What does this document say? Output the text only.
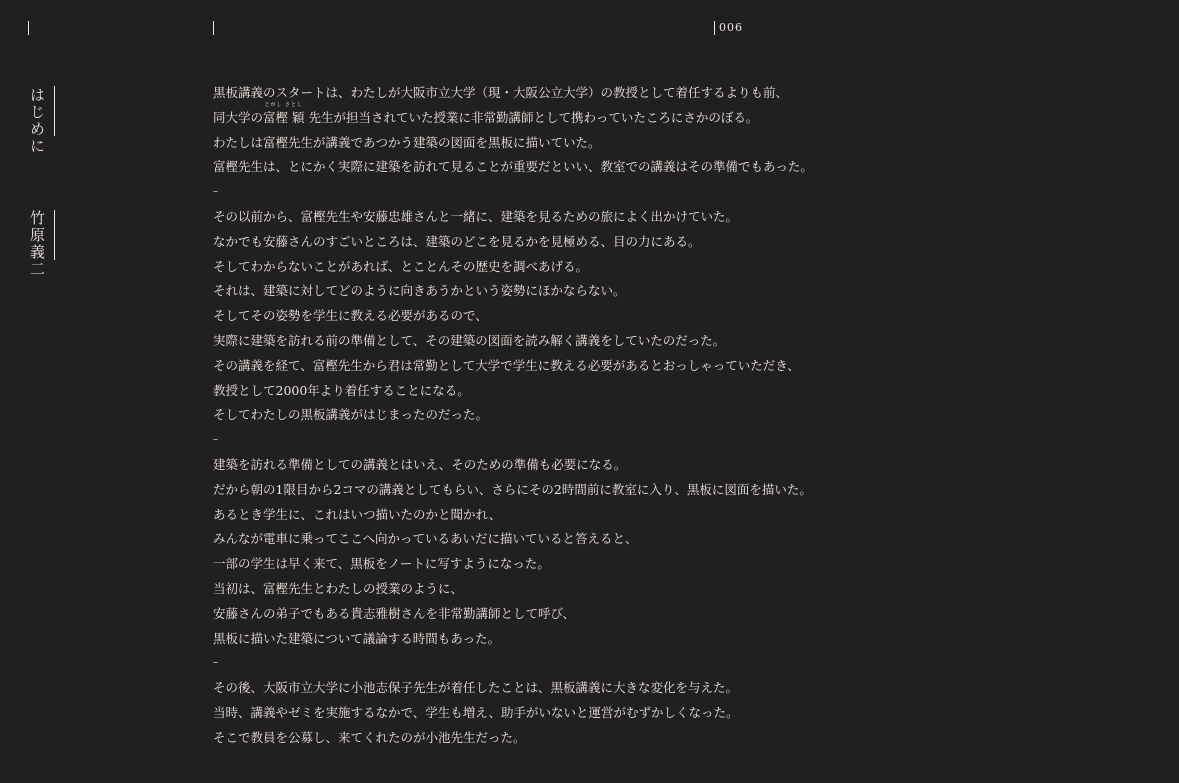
006
はじめに
竹原義二
黒板講義のスタートは、わたしが大阪市立大学（現・大阪公立大学）の教授として着任するよりも前、
同大学の
とがし さとし
富樫 穎 先生が担当されていた授業に非常勤講師として携わっていたころにさかのぼる。
わたしは富樫先生が講義であつかう建築の図面を黒板に描いていた。
富樫先生は、とにかく実際に建築を訪れて見ることが重要だといい、教室での講義はその準備でもあった。
–
その以前から、富樫先生や安藤忠雄さんと一緒に、建築を見るための旅によく出かけていた。
なかでも安藤さんのすごいところは、建築のどこを見るかを見極める、目の力にある。
そしてわからないことがあれば、とことんその歴史を調べあげる。
それは、建築に対してどのように向きあうかという姿勢にほかならない。
そしてその姿勢を学生に教える必要があるので、
実際に建築を訪れる前の準備として、その建築の図面を読み解く講義をしていたのだった。
その講義を経て、富樫先生から君は常勤として大学で学生に教える必要があるとおっしゃっていただき、
教授として2000年より着任することになる。
そしてわたしの黒板講義がはじまったのだった。
–
建築を訪れる準備としての講義とはいえ、そのための準備も必要になる。
だから朝の1限目から2コマの講義としてもらい、さらにその2時間前に教室に入り、黒板に図面を描いた。
あるとき学生に、これはいつ描いたのかと聞かれ、
みんなが電車に乗ってここへ向かっているあいだに描いていると答えると、
一部の学生は早く来て、黒板をノートに写すようになった。
当初は、富樫先生とわたしの授業のように、
安藤さんの弟子でもある貴志雅樹さんを非常勤講師として呼び、
黒板に描いた建築について議論する時間もあった。
–
その後、大阪市立大学に小池志保子先生が着任したことは、黒板講義に大きな変化を与えた。
当時、講義やゼミを実施するなかで、学生も増え、助手がいないと運営がむずかしくなった。
そこで教員を公募し、来てくれたのが小池先生だった。
